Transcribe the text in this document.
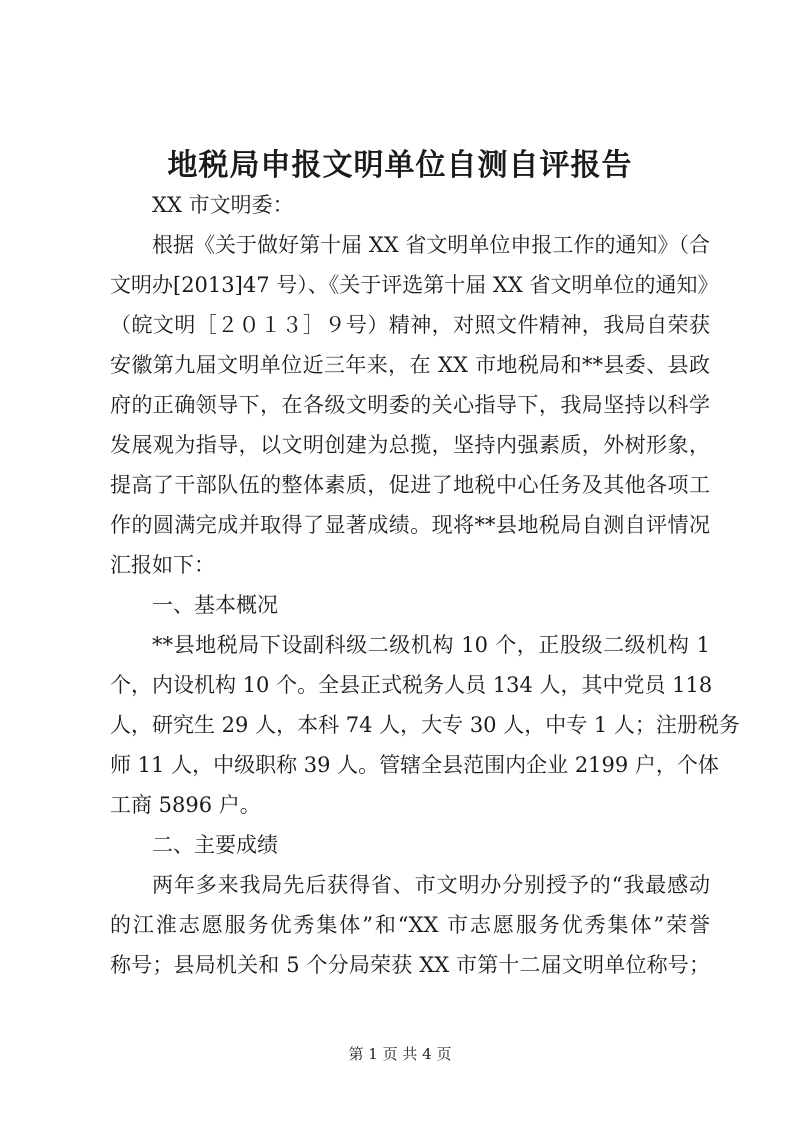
地税局申报文明单位自测自评报告
XX 市文明委：
根据《关于做好第十届 XX 省文明单位申报工作的通知》（合
文明办[2013]47 号）、《关于评选第十届 XX 省文明单位的通知》
（皖文明［２０１３］９号）精神，对照文件精神，我局自荣获
安徽第九届文明单位近三年来，在 XX 市地税局和**县委、县政
府的正确领导下，在各级文明委的关心指导下，我局坚持以科学
发展观为指导，以文明创建为总揽，坚持内强素质，外树形象，
提高了干部队伍的整体素质，促进了地税中心任务及其他各项工
作的圆满完成并取得了显著成绩。现将**县地税局自测自评情况
汇报如下：
一、基本概况
**县地税局下设副科级二级机构 10 个，正股级二级机构 1
个，内设机构 10 个。全县正式税务人员 134 人，其中党员 118
人，研究生 29 人，本科 74 人，大专 30 人，中专 1 人；注册税务
师 11 人，中级职称 39 人。管辖全县范围内企业 2199 户，个体
工商 5896 户。
二、主要成绩
两年多来我局先后获得省、市文明办分别授予的“我最感动
的江淮志愿服务优秀集体”和“XX 市志愿服务优秀集体”荣誉
称号；县局机关和 5 个分局荣获 XX 市第十二届文明单位称号；
第 1 页 共 4 页
